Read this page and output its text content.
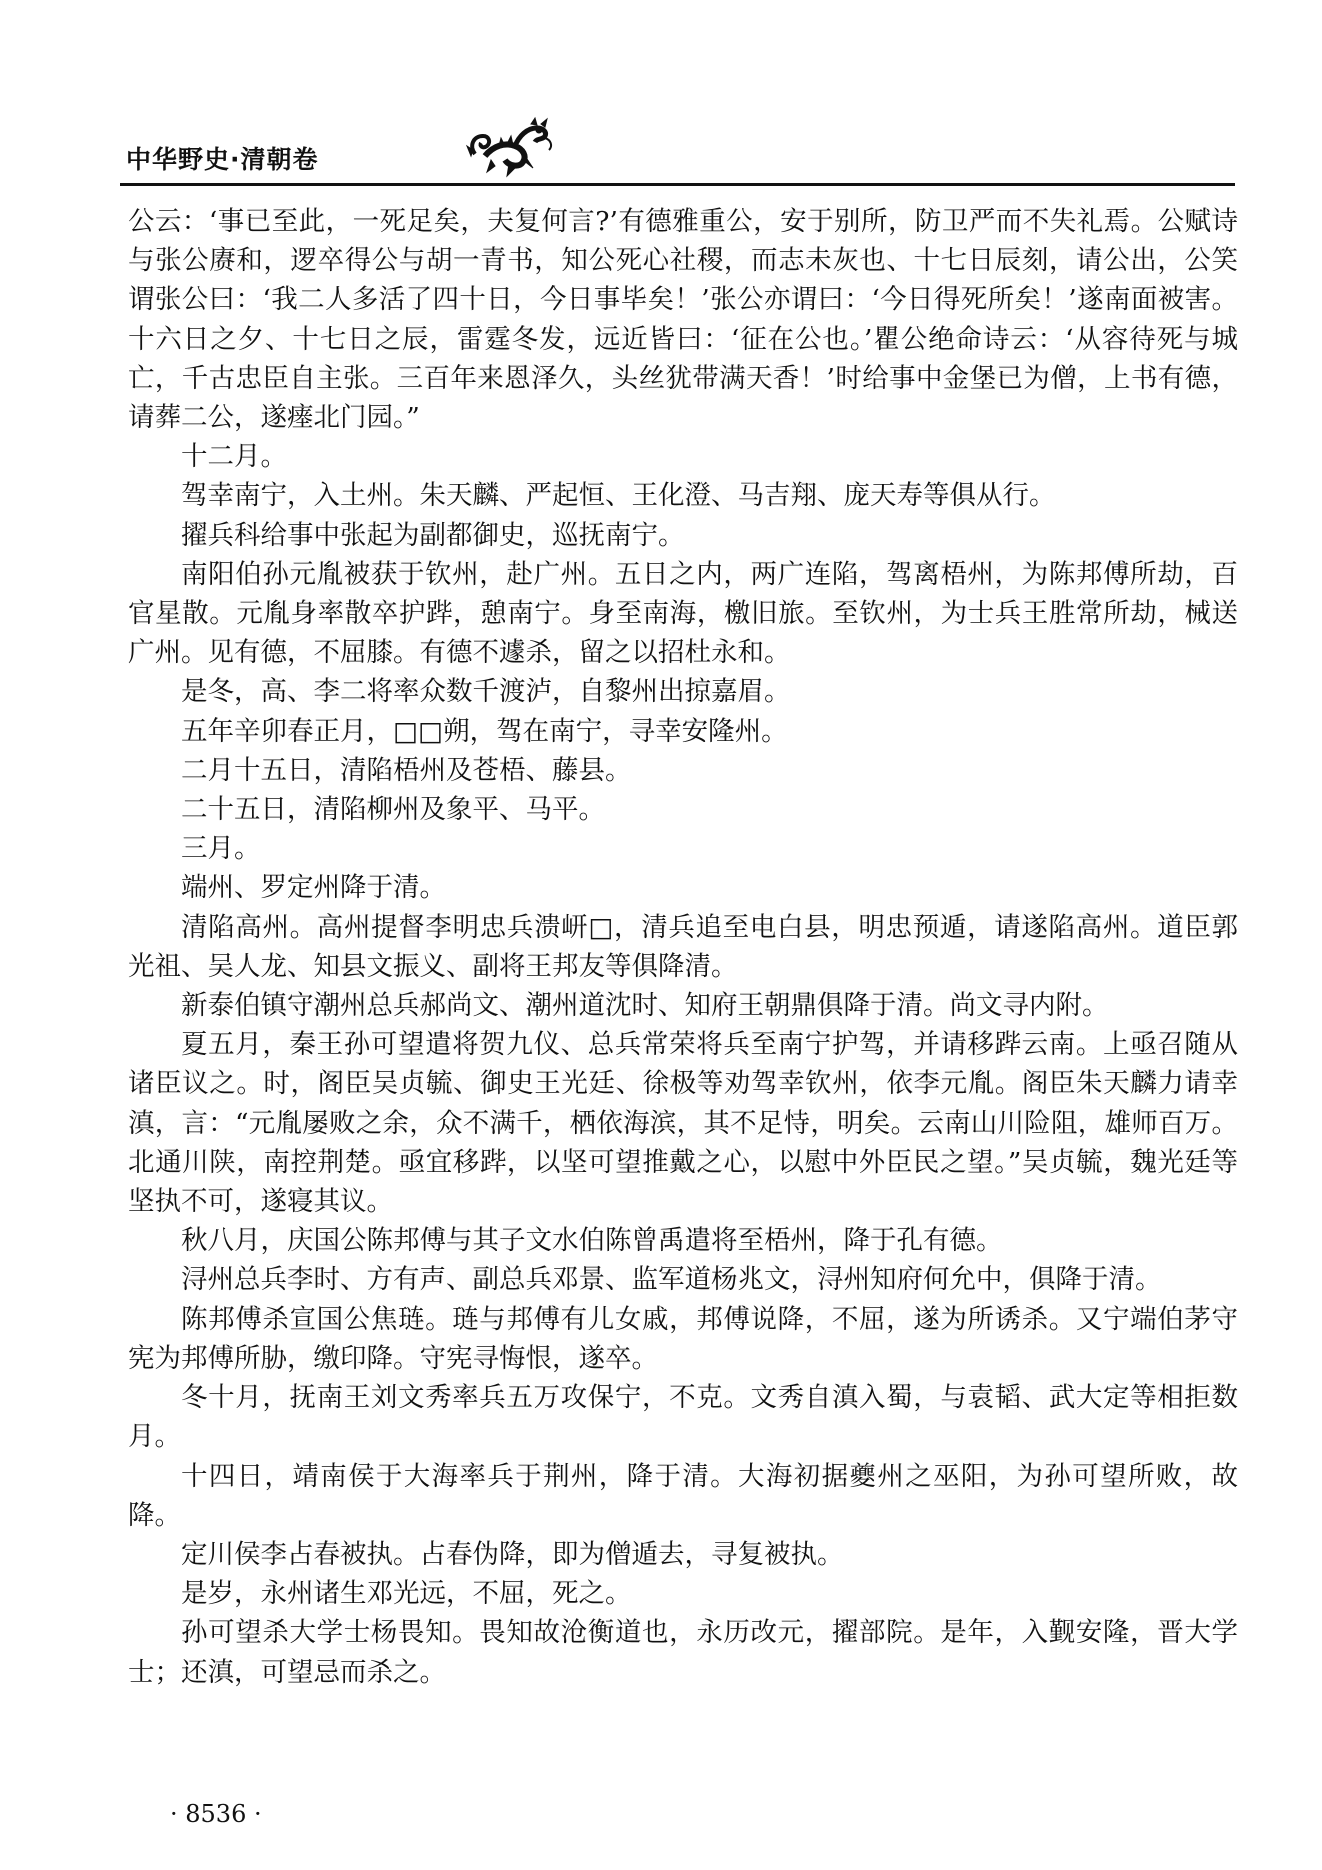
中华野史·清朝卷

公云：‘事已至此，一死足矣，夫复何言?’有德雅重公，安于别所，防卫严而不失礼焉。公赋诗与张公赓和，逻卒得公与胡一青书，知公死心社稷，而志未灰也、十七日辰刻，请公出，公笑谓张公曰：‘我二人多活了四十日，今日事毕矣！’张公亦谓曰：‘今日得死所矣！’遂南面被害。十六日之夕、十七日之辰，雷霆冬发，远近皆曰：‘征在公也。’瞿公绝命诗云：‘从容待死与城亡，千古忠臣自主张。三百年来恩泽久，头丝犹带满天香！’时给事中金堡已为僧，上书有德，请葬二公，遂瘗北门园。”

十二月。

驾幸南宁，入土州。朱天麟、严起恒、王化澄、马吉翔、庞天寿等俱从行。

擢兵科给事中张起为副都御史，巡抚南宁。

南阳伯孙元胤被获于钦州，赴广州。五日之内，两广连陷，驾离梧州，为陈邦傅所劫，百官星散。元胤身率散卒护跸，憩南宁。身至南海，檄旧旅。至钦州，为士兵王胜常所劫，械送广州。见有德，不屈膝。有德不遽杀，留之以招杜永和。

是冬，高、李二将率众数千渡泸，自黎州出掠嘉眉。

五年辛卯春正月，□□朔，驾在南宁，寻幸安隆州。

二月十五日，清陷梧州及苍梧、藤县。

二十五日，清陷柳州及象平、马平。

三月。

端州、罗定州降于清。

清陷高州。高州提督李明忠兵溃岍□，清兵追至电白县，明忠预遁，请遂陷高州。道臣郭光祖、吴人龙、知县文振义、副将王邦友等俱降清。

新泰伯镇守潮州总兵郝尚文、潮州道沈时、知府王朝鼎俱降于清。尚文寻内附。

夏五月，秦王孙可望遣将贺九仪、总兵常荣将兵至南宁护驾，并请移跸云南。上亟召随从诸臣议之。时，阁臣吴贞毓、御史王光廷、徐极等劝驾幸钦州，依李元胤。阁臣朱天麟力请幸滇，言：“元胤屡败之余，众不满千，栖依海滨，其不足恃，明矣。云南山川险阻，雄师百万。北通川陕，南控荆楚。亟宜移跸，以坚可望推戴之心，以慰中外臣民之望。”吴贞毓，魏光廷等坚执不可，遂寝其议。

秋八月，庆国公陈邦傅与其子文水伯陈曾禹遣将至梧州，降于孔有德。

浔州总兵李时、方有声、副总兵邓景、监军道杨兆文，浔州知府何允中，俱降于清。

陈邦傅杀宣国公焦琏。琏与邦傅有儿女戚，邦傅说降，不屈，遂为所诱杀。又宁端伯茅守宪为邦傅所胁，缴印降。守宪寻悔恨，遂卒。

冬十月，抚南王刘文秀率兵五万攻保宁，不克。文秀自滇入蜀，与袁韬、武大定等相拒数月。

十四日，靖南侯于大海率兵于荆州，降于清。大海初据夔州之巫阳，为孙可望所败，故降。

定川侯李占春被执。占春伪降，即为僧遁去，寻复被执。

是岁，永州诸生邓光远，不屈，死之。

孙可望杀大学士杨畏知。畏知故沧衡道也，永历改元，擢部院。是年，入觐安隆，晋大学士；还滇，可望忌而杀之。

· 8536 ·
